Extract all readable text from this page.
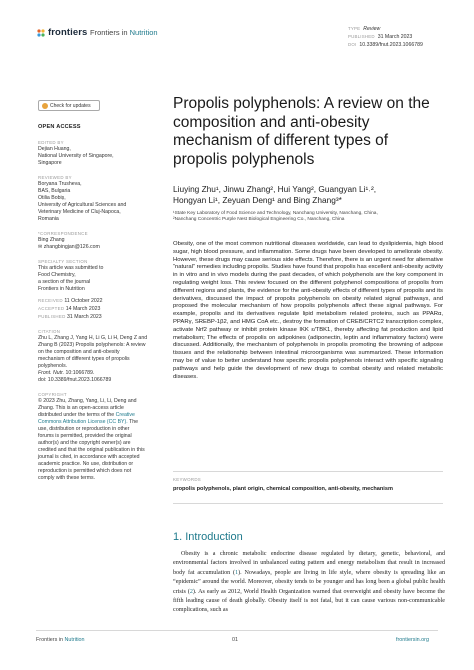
frontiers Frontiers in Nutrition	TYPE Review
PUBLISHED 31 March 2023
DOI 10.3389/fnut.2023.1066789
Check for updates
OPEN ACCESS
EDITED BY
Dejian Huang,
National University of Singapore,
Singapore
REVIEWED BY
Boryana Trusheva,
BAS, Bulgaria
Otilia Bobiș,
University of Agricultural Sciences and
Veterinary Medicine of Cluj-Napoca,
Romania
*CORRESPONDENCE
Bing Zhang
✉ zhangbingjan@126.com
SPECIALTY SECTION
This article was submitted to
Food Chemistry,
a section of the journal
Frontiers in Nutrition
RECEIVED 11 October 2022
ACCEPTED 14 March 2023
PUBLISHED 31 March 2023
CITATION
Zhu L, Zhang J, Yang H, Li G, Li H, Deng Z and
Zhang B (2023) Propolis polyphenols: A review
on the composition and anti-obesity
mechanism of different types of propolis
polyphenols.
Front. Nutr. 10:1066789.
doi: 10.3389/fnut.2023.1066789
COPYRIGHT
© 2023 Zhu, Zhang, Yang, Li, Li, Deng and
Zhang. This is an open-access article
distributed under the terms of the Creative
Commons Attribution License (CC BY). The
use, distribution or reproduction in other
forums is permitted, provided the original
author(s) and the copyright owner(s) are
credited and that the original publication in this
journal is cited, in accordance with accepted
academic practice. No use, distribution or
reproduction is permitted which does not
comply with these terms.
Propolis polyphenols: A review on the composition and anti-obesity mechanism of different types of propolis polyphenols
Liuying Zhu¹, Jinwu Zhang², Hui Yang², Guangyan Li¹˒²,
Hongyan Li¹, Zeyuan Deng¹ and Bing Zhang³*
¹State Key Laboratory of Food Science and Technology, Nanchang University, Nanchang, China,
²Nanchang Concentric Purple Nest Biological Engineering Co., Nanchang, China

Obesity, one of the most common nutritional diseases worldwide, can lead to dyslipidemia, high blood sugar, high blood pressure, and inflammation. Some drugs have been developed to ameliorate obesity. However, these drugs may cause serious side effects. Therefore, there is an urgent need for alternative “natural” remedies including propolis. Studies have found that propolis has excellent anti-obesity activity in in vitro and in vivo models during the past decades, of which polyphenols are the key component in regulating weight loss. This review focused on the different polyphenol compositions of propolis from different regions and plants, the evidence for the anti-obesity effects of different types of propolis and its derivatives, discussed the impact of propolis polyphenols on obesity related signal pathways, and proposed the molecular mechanism of how propolis polyphenols affect these signal pathways. For example, propolis and its derivatives regulate lipid metabolism related proteins, such as PPARα, PPARγ, SREBP-1β2, and HMG CoA etc., destroy the formation of CREB/CRTC2 transcription complex, activate Nrf2 pathway or inhibit protein kinase IKK ε/TBK1, thereby affecting fat production and lipid metabolism; The effects of propolis on adipokines (adiponectin, leptin and inflammatory factors) were discussed. Additionally, the mechanism of polyphenols in propolis promoting the browning of adipose tissues and the relationship between intestinal microorganisms was summarized. These information may be of value to better understand how specific propolis polyphenols interact with specific signaling pathways and help guide the development of new drugs to combat obesity and related metabolic diseases.

KEYWORDS
propolis polyphenols, plant origin, chemical composition, anti-obesity, mechanism
1. Introduction

Obesity is a chronic metabolic endocrine disease regulated by dietary, genetic, behavioral, and environmental factors involved in unbalanced eating pattern and energy metabolism that result in increased body fat accumulation (1). Nowadays, people are living in life style, where obesity is spreading like an “epidemic” around the world. Moreover, obesity tends to be younger and has long been a global public health crisis (2). As early as 2012, World Health Organization warned that overweight and obesity have become the fifth leading cause of death globally. Obesity itself is not fatal, but it can cause various non-communicable complications, such as

Frontiers in Nutrition	01	frontiersin.org
